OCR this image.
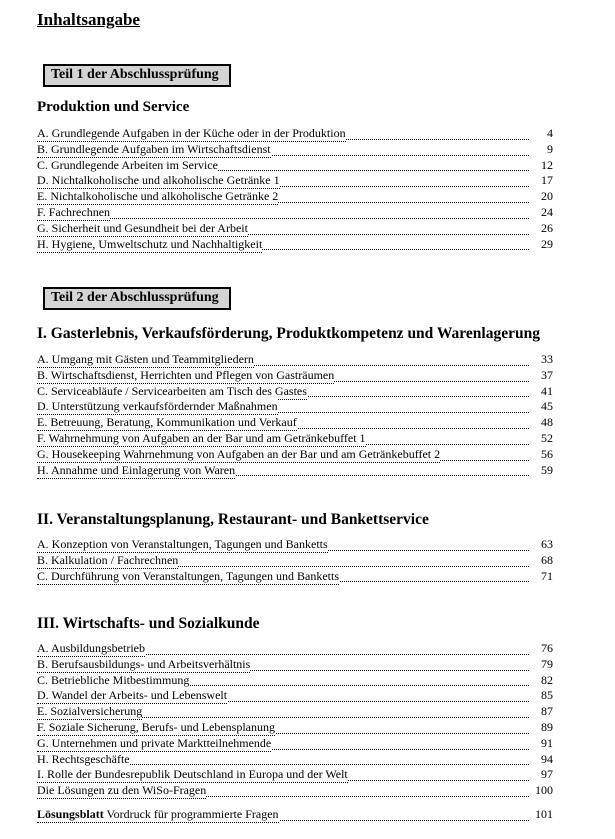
Inhaltsangabe
Teil 1 der Abschlussprüfung
Produktion und Service
A. Grundlegende Aufgaben in der Küche oder in der Produktion	4
B. Grundlegende Aufgaben im Wirtschaftsdienst	9
C. Grundlegende Arbeiten im Service	12
D. Nichtalkoholische und alkoholische Getränke 1	17
E. Nichtalkoholische und alkoholische Getränke 2	20
F. Fachrechnen	24
G. Sicherheit und Gesundheit bei der Arbeit	26
H. Hygiene, Umweltschutz und Nachhaltigkeit	29
Teil 2 der Abschlussprüfung
I. Gasterlebnis, Verkaufsförderung, Produktkompetenz und Warenlagerung
A. Umgang mit Gästen und Teammitgliedern	33
B. Wirtschaftsdienst, Herrichten und Pflegen von Gasträumen	37
C. Serviceabläufe / Servicearbeiten am Tisch des Gastes	41
D. Unterstützung verkaufsfördernder Maßnahmen	45
E. Betreuung, Beratung, Kommunikation und Verkauf	48
F. Wahrnehmung von Aufgaben an der Bar und am Getränkebuffet 1	52
G. Housekeeping Wahrnehmung von Aufgaben an der Bar und am Getränkebuffet 2	56
H. Annahme und Einlagerung von Waren	59
II. Veranstaltungsplanung, Restaurant- und Bankettservice
A. Konzeption von Veranstaltungen, Tagungen und Banketts	63
B. Kalkulation / Fachrechnen	68
C. Durchführung von Veranstaltungen, Tagungen und Banketts	71
III. Wirtschafts- und Sozialkunde
A. Ausbildungsbetrieb	76
B. Berufsausbildungs- und Arbeitsverhältnis	79
C. Betriebliche Mitbestimmung	82
D. Wandel der Arbeits- und Lebenswelt	85
E. Sozialversicherung	87
F. Soziale Sicherung, Berufs- und Lebensplanung	89
G. Unternehmen und private Marktteilnehmende	91
H. Rechtsgeschäfte	94
I. Rolle der Bundesrepublik Deutschland in Europa und der Welt	97
Die Lösungen zu den WiSo-Fragen	100
Lösungsblatt Vordruck für programmierte Fragen	101
